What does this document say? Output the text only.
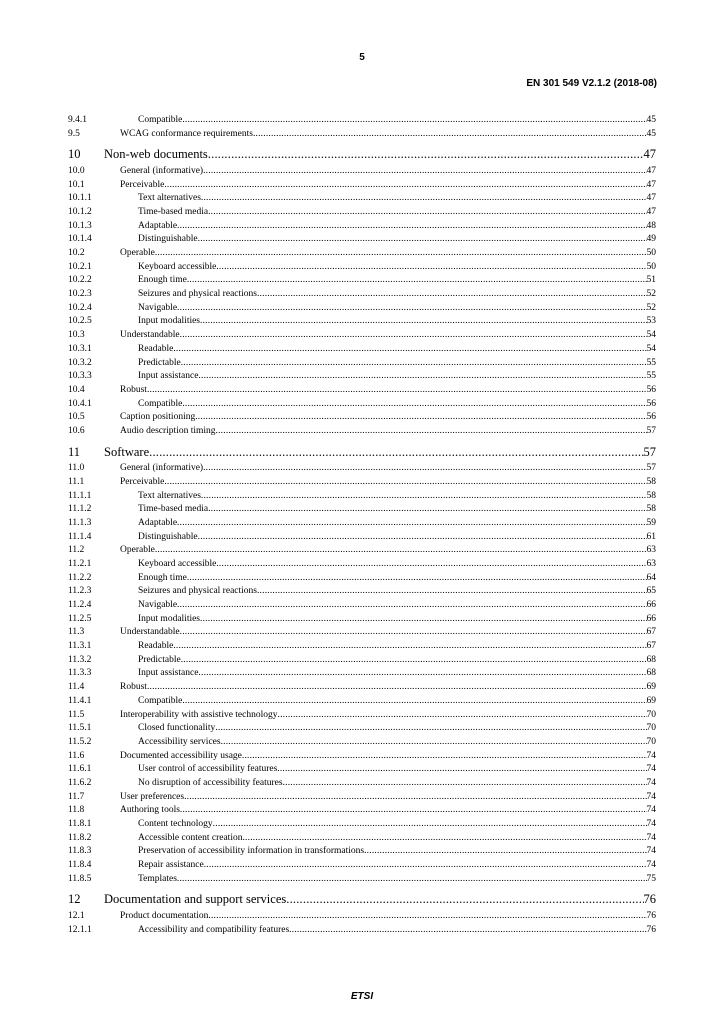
5
EN 301 549 V2.1.2 (2018-08)
9.4.1	Compatible .....	45
9.5	WCAG conformance requirements .....	45
10	Non-web documents .....	47
10.0	General (informative) .....	47
10.1	Perceivable .....	47
10.1.1	Text alternatives .....	47
10.1.2	Time-based media .....	47
10.1.3	Adaptable .....	48
10.1.4	Distinguishable .....	49
10.2	Operable .....	50
10.2.1	Keyboard accessible .....	50
10.2.2	Enough time .....	51
10.2.3	Seizures and physical reactions .....	52
10.2.4	Navigable .....	52
10.2.5	Input modalities .....	53
10.3	Understandable .....	54
10.3.1	Readable .....	54
10.3.2	Predictable .....	55
10.3.3	Input assistance .....	55
10.4	Robust .....	56
10.4.1	Compatible .....	56
10.5	Caption positioning .....	56
10.6	Audio description timing .....	57
11	Software .....	57
11.0	General (informative) .....	57
11.1	Perceivable .....	58
11.1.1	Text alternatives .....	58
11.1.2	Time-based media .....	58
11.1.3	Adaptable .....	59
11.1.4	Distinguishable .....	61
11.2	Operable .....	63
11.2.1	Keyboard accessible .....	63
11.2.2	Enough time .....	64
11.2.3	Seizures and physical reactions .....	65
11.2.4	Navigable .....	66
11.2.5	Input modalities .....	66
11.3	Understandable .....	67
11.3.1	Readable .....	67
11.3.2	Predictable .....	68
11.3.3	Input assistance .....	68
11.4	Robust .....	69
11.4.1	Compatible .....	69
11.5	Interoperability with assistive technology .....	70
11.5.1	Closed functionality .....	70
11.5.2	Accessibility services .....	70
11.6	Documented accessibility usage .....	74
11.6.1	User control of accessibility features .....	74
11.6.2	No disruption of accessibility features .....	74
11.7	User preferences .....	74
11.8	Authoring tools .....	74
11.8.1	Content technology .....	74
11.8.2	Accessible content creation .....	74
11.8.3	Preservation of accessibility information in transformations .....	74
11.8.4	Repair assistance .....	74
11.8.5	Templates .....	75
12	Documentation and support services .....	76
12.1	Product documentation .....	76
12.1.1	Accessibility and compatibility features .....	76
ETSI
